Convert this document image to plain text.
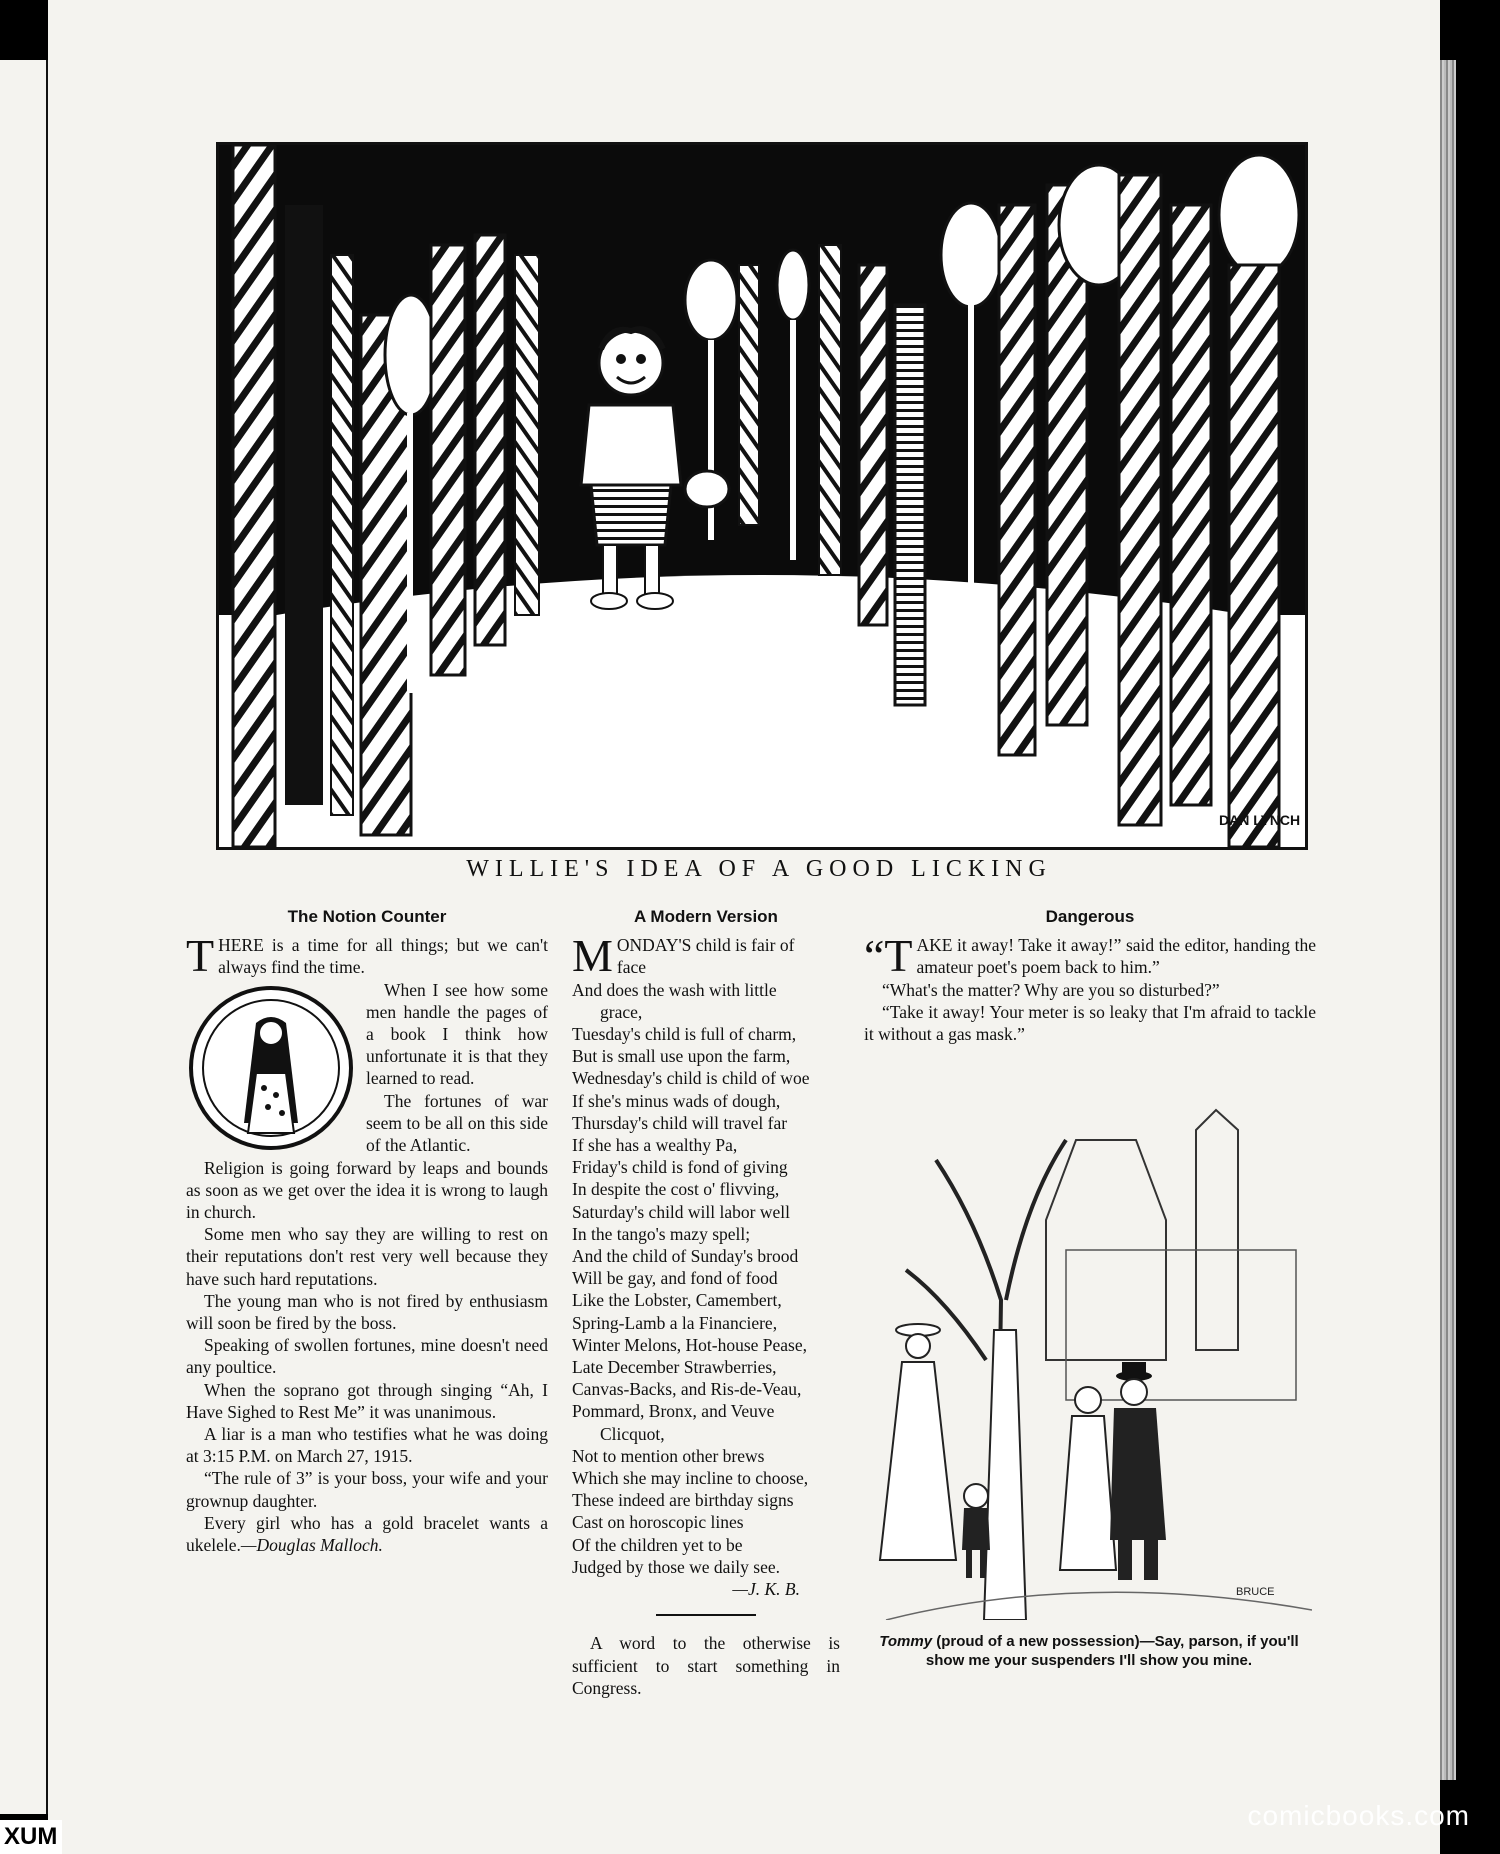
DAN LYNCH
WILLIE'S IDEA OF A GOOD LICKING
The Notion Counter

THERE is a time for all things; but we can't always find the time.

When I see how some men handle the pages of a book I think how unfortunate it is that they learned to read.

The fortunes of war seem to be all on this side of the Atlantic.

Religion is going forward by leaps and bounds as soon as we get over the idea it is wrong to laugh in church.

Some men who say they are willing to rest on their reputations don't rest very well because they have such hard reputations.

The young man who is not fired by enthusiasm will soon be fired by the boss.

Speaking of swollen fortunes, mine doesn't need any poultice.

When the soprano got through singing “Ah, I Have Sighed to Rest Me” it was unanimous.

A liar is a man who testifies what he was doing at 3:15 P.M. on March 27, 1915.

“The rule of 3” is your boss, your wife and your grownup daughter.

Every girl who has a gold bracelet wants a ukelele.—Douglas Malloch.

A Modern Version
M ONDAY'S child is fair of
face
And does the wash with little
grace,
Tuesday's child is full of charm,
But is small use upon the farm,
Wednesday's child is child of woe
If she's minus wads of dough,
Thursday's child will travel far
If she has a wealthy Pa,
Friday's child is fond of giving
In despite the cost o' flivving,
Saturday's child will labor well
In the tango's mazy spell;
And the child of Sunday's brood
Will be gay, and fond of food
Like the Lobster, Camembert,
Spring-Lamb a la Financiere,
Winter Melons, Hot-house Pease,
Late December Strawberries,
Canvas-Backs, and Ris-de-Veau,
Pommard, Bronx, and Veuve
Clicquot,
Not to mention other brews
Which she may incline to choose,
These indeed are birthday signs
Cast on horoscopic lines
Of the children yet to be
Judged by those we daily see.
—J. K. B.

A word to the otherwise is sufficient to start something in Congress.

Dangerous

“TAKE it away! Take it away!” said the editor, handing the amateur poet's poem back to him.”

“What's the matter? Why are you so disturbed?”

“Take it away! Your meter is so leaky that I'm afraid to tackle it without a gas mask.”

BRUCE
Tommy (proud of a new possession)—Say, parson, if you'll show me your suspenders I'll show you mine.
comicbooks.com
XUM
